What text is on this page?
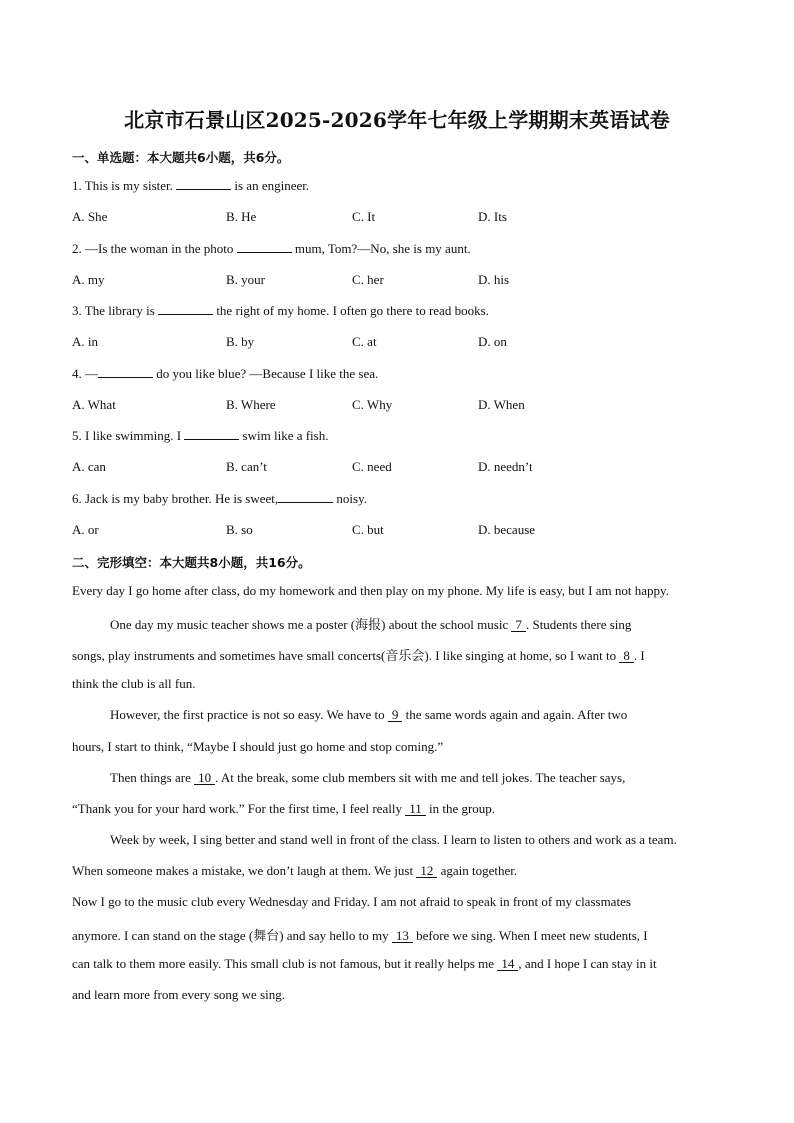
北京市石景山区2025-2026学年七年级上学期期末英语试卷
一、单选题：本大题共6小题，共6分。
1. This is my sister.	is an engineer.
A. She	B. He	C. It	D. Its
2. —Is the woman in the photo	mum, Tom?—No, she is my aunt.
A. my	B. your	C. her	D. his
3. The library is	the right of my home. I often go there to read books.
A. in	B. by	C. at	D. on
4. —	do you like blue? —Because I like the sea.
A. What	B. Where	C. Why	D. When
5. I like swimming. I	swim like a fish.
A. can	B. can’t	C. need	D. needn’t
6. Jack is my baby brother. He is sweet,	noisy.
A. or	B. so	C. but	D. because
二、完形填空：本大题共8小题，共16分。
Every day I go home after class, do my homework and then play on my phone. My life is easy, but I am not happy.
One day my music teacher shows me a poster (海报) about the school music 7 . Students there sing
songs, play instruments and sometimes have small concerts(音乐会). I like singing at home, so I want to 8 . I
think the club is all fun.
However, the first practice is not so easy. We have to 9 the same words again and again. After two
hours, I start to think, “Maybe I should just go home and stop coming.”
Then things are 10 . At the break, some club members sit with me and tell jokes. The teacher says,
“Thank you for your hard work.” For the first time, I feel really 11 in the group.
Week by week, I sing better and stand well in front of the class. I learn to listen to others and work as a team.
When someone makes a mistake, we don’t laugh at them. We just 12 again together.
Now I go to the music club every Wednesday and Friday. I am not afraid to speak in front of my classmates
anymore. I can stand on the stage (舞台) and say hello to my 13 before we sing. When I meet new students, I
can talk to them more easily. This small club is not famous, but it really helps me 14 , and I hope I can stay in it
and learn more from every song we sing.
